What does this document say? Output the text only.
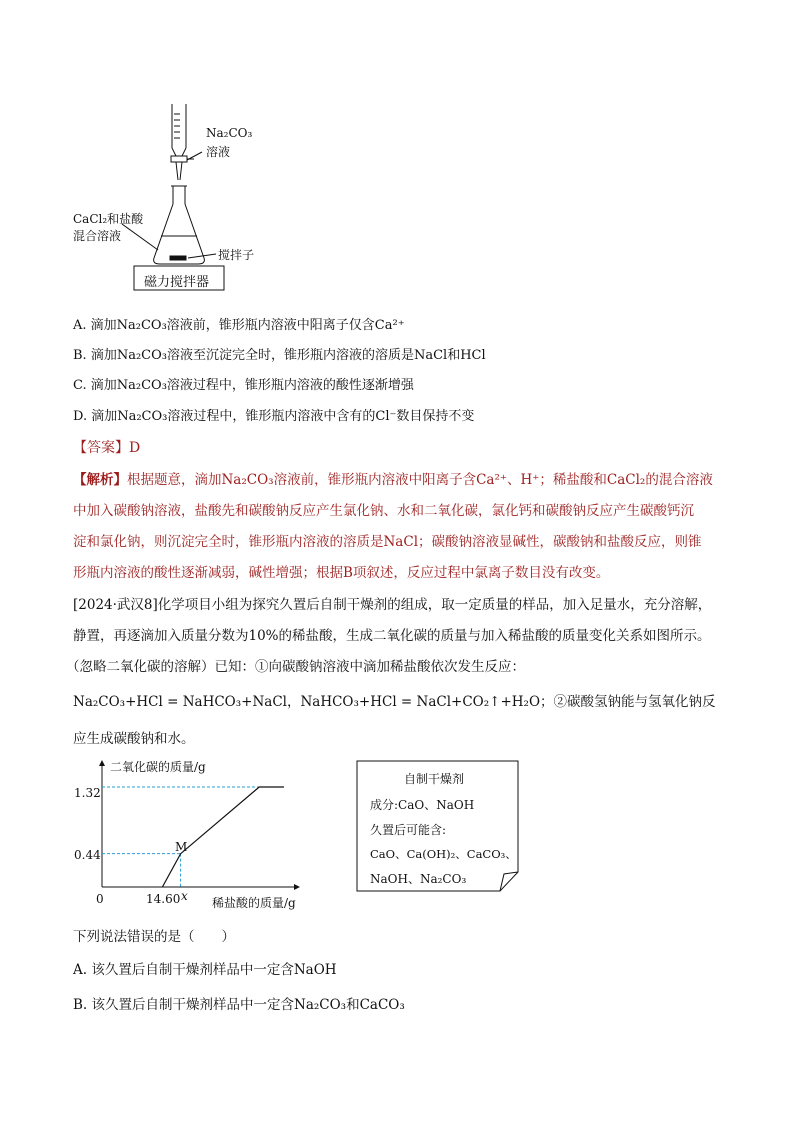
Na₂CO₃
溶液
CaCl₂和盐酸
混合溶液
搅拌子
磁力搅拌器
A. 滴加Na₂CO₃溶液前，锥形瓶内溶液中阳离子仅含Ca²⁺
B. 滴加Na₂CO₃溶液至沉淀完全时，锥形瓶内溶液的溶质是NaCl和HCl
C. 滴加Na₂CO₃溶液过程中，锥形瓶内溶液的酸性逐渐增强
D. 滴加Na₂CO₃溶液过程中，锥形瓶内溶液中含有的Cl⁻数目保持不变
【答案】D
【解析】根据题意，滴加Na₂CO₃溶液前，锥形瓶内溶液中阳离子含Ca²⁺、H⁺；稀盐酸和CaCl₂的混合溶液
中加入碳酸钠溶液，盐酸先和碳酸钠反应产生氯化钠、水和二氧化碳，氯化钙和碳酸钠反应产生碳酸钙沉
淀和氯化钠，则沉淀完全时，锥形瓶内溶液的溶质是NaCl；碳酸钠溶液显碱性，碳酸钠和盐酸反应，则锥
形瓶内溶液的酸性逐渐减弱，碱性增强；根据B项叙述，反应过程中氯离子数目没有改变。
[2024·武汉8]化学项目小组为探究久置后自制干燥剂的组成，取一定质量的样品，加入足量水，充分溶解，
静置，再逐滴加入质量分数为10%的稀盐酸，生成二氧化碳的质量与加入稀盐酸的质量变化关系如图所示。
（忽略二氧化碳的溶解）已知：①向碳酸钠溶液中滴加稀盐酸依次发生反应：
Na₂CO₃+HCl = NaHCO₃+NaCl，NaHCO₃+HCl = NaCl+CO₂↑+H₂O；②碳酸氢钠能与氢氧化钠反
应生成碳酸钠和水。
二氧化碳的质量/g
稀盐酸的质量/g
0	14.60 x
0.44
1.32
M
自制干燥剂
成分:CaO、NaOH
久置后可能含:
CaO、Ca(OH)₂、CaCO₃、
NaOH、Na₂CO₃
下列说法错误的是（　　）
A. 该久置后自制干燥剂样品中一定含NaOH
B. 该久置后自制干燥剂样品中一定含Na₂CO₃和CaCO₃
